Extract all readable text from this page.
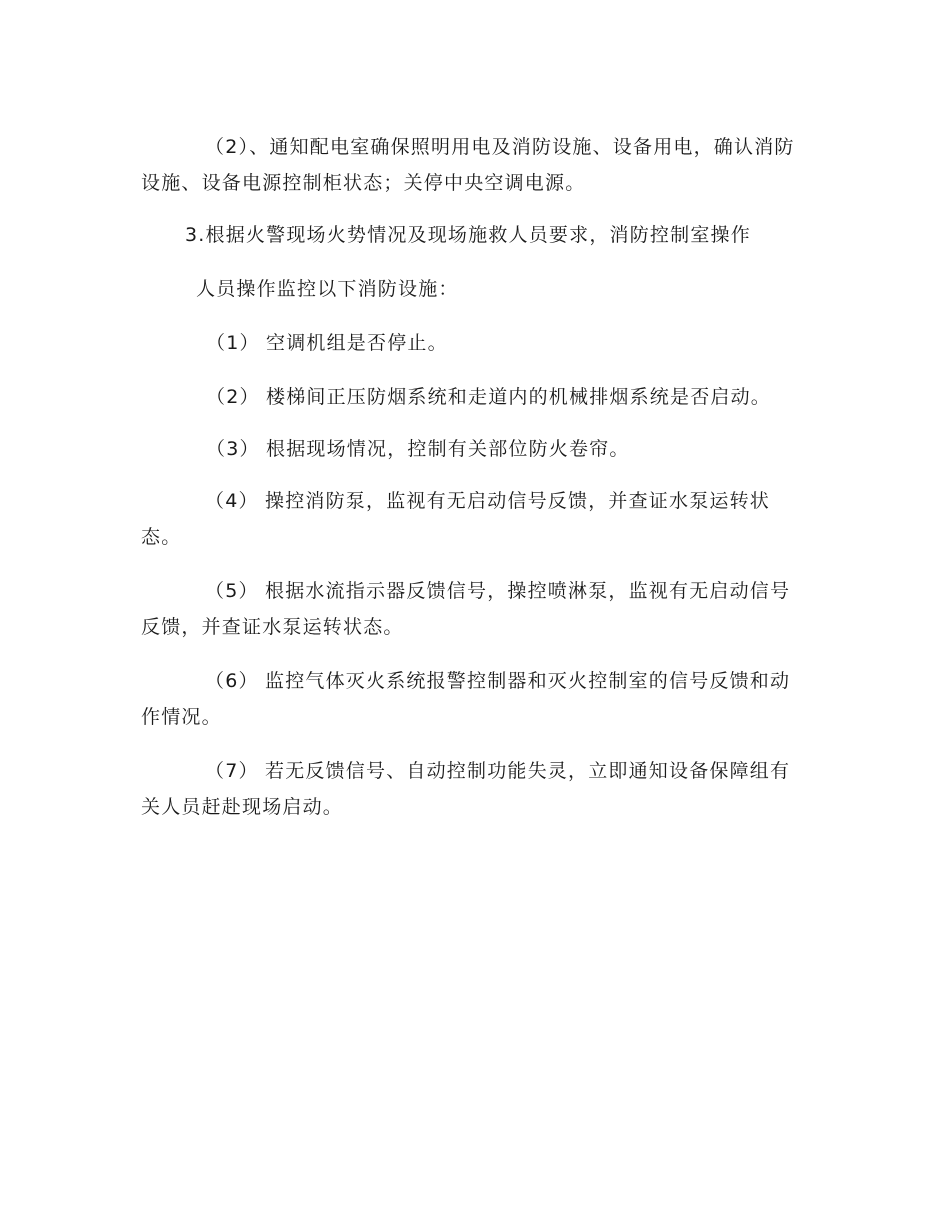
（2）、通知配电室确保照明用电及消防设施、设备用电，确认消防设施、设备电源控制柜状态；关停中央空调电源。

3.根据火警现场火势情况及现场施救人员要求，消防控制室操作

人员操作监控以下消防设施：

（1） 空调机组是否停止。

（2） 楼梯间正压防烟系统和走道内的机械排烟系统是否启动。

（3） 根据现场情况，控制有关部位防火卷帘。

（4） 操控消防泵，监视有无启动信号反馈，并查证水泵运转状态。

（5） 根据水流指示器反馈信号，操控喷淋泵，监视有无启动信号反馈，并查证水泵运转状态。

（6） 监控气体灭火系统报警控制器和灭火控制室的信号反馈和动作情况。

（7） 若无反馈信号、自动控制功能失灵，立即通知设备保障组有关人员赶赴现场启动。
